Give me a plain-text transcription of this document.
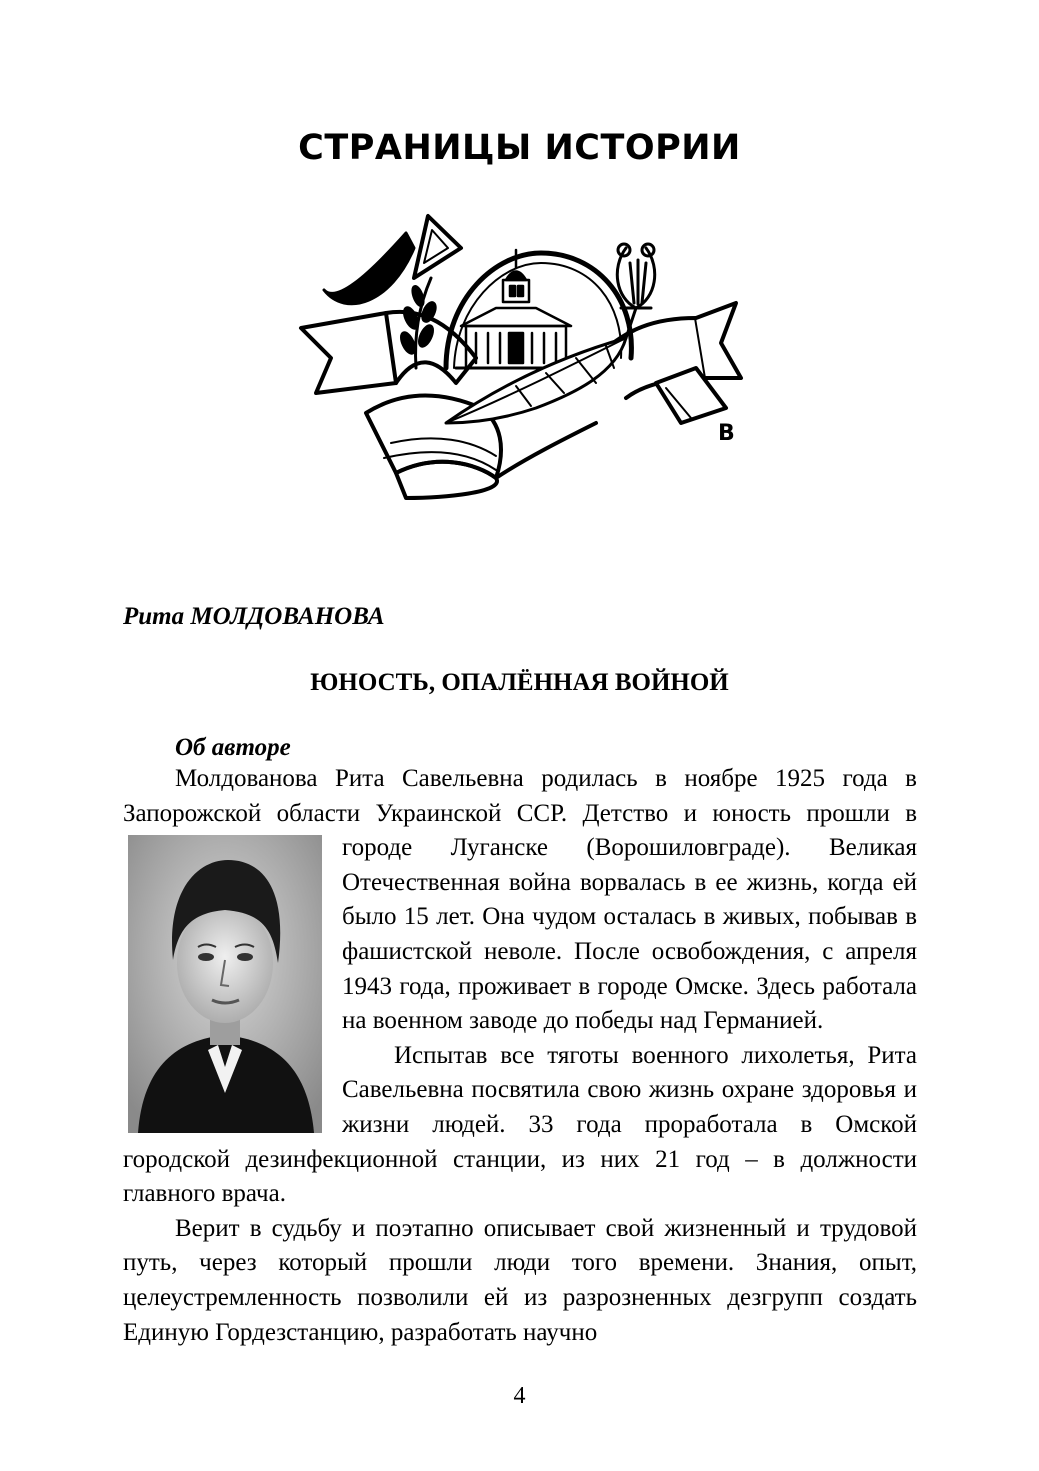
СТРАНИЦЫ ИСТОРИИ
В
Рита МОЛДОВАНОВА
ЮНОСТЬ, ОПАЛЁННАЯ ВОЙНОЙ
Об авторе

Молдованова Рита Савельевна родилась в ноябре 1925 года в Запорожской области Украинской ССР. Детство и юность
прошли в городе Луганске (Ворошиловграде). Великая Отечественная война ворвалась в ее жизнь, когда ей было 15 лет. Она чудом осталась в живых, побывав в фашистской неволе. После освобождения, с апреля 1943 года, проживает в городе Омске. Здесь работала на военном заводе до победы над Германией.

Испытав все тяготы военного лихолетья, Рита Савельевна посвятила свою жизнь охране здоровья и жизни людей. 33 года проработала в Омской городской дезинфекционной станции, из них 21 год – в должности главного врача.

Верит в судьбу и поэтапно описывает свой жизненный и трудовой путь, через который прошли люди того времени. Знания, опыт, целеустремленность позволили ей из разрозненных дезгрупп создать Единую Гордезстанцию, разработать научно

4
